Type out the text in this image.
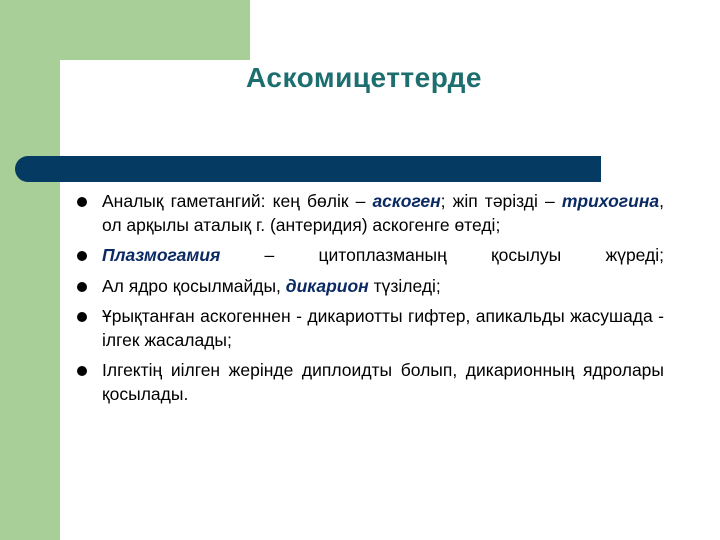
Аскомицеттерде
Аналық гаметангий: кең бөлік – аскоген; жіп тәрізді – трихогина, ол арқылы аталық г. (антеридия) аскогенге өтеді;
Плазмогамия – цитоплазманың қосылуы жүреді;
Ал ядро қосылмайды, дикарион түзіледі;
Ұрықтанған аскогеннен - дикариотты гифтер, апикальды жасушада - ілгек жасалады;
Ілгектің иілген жерінде диплоидты болып, дикарионның ядролары қосылады.
